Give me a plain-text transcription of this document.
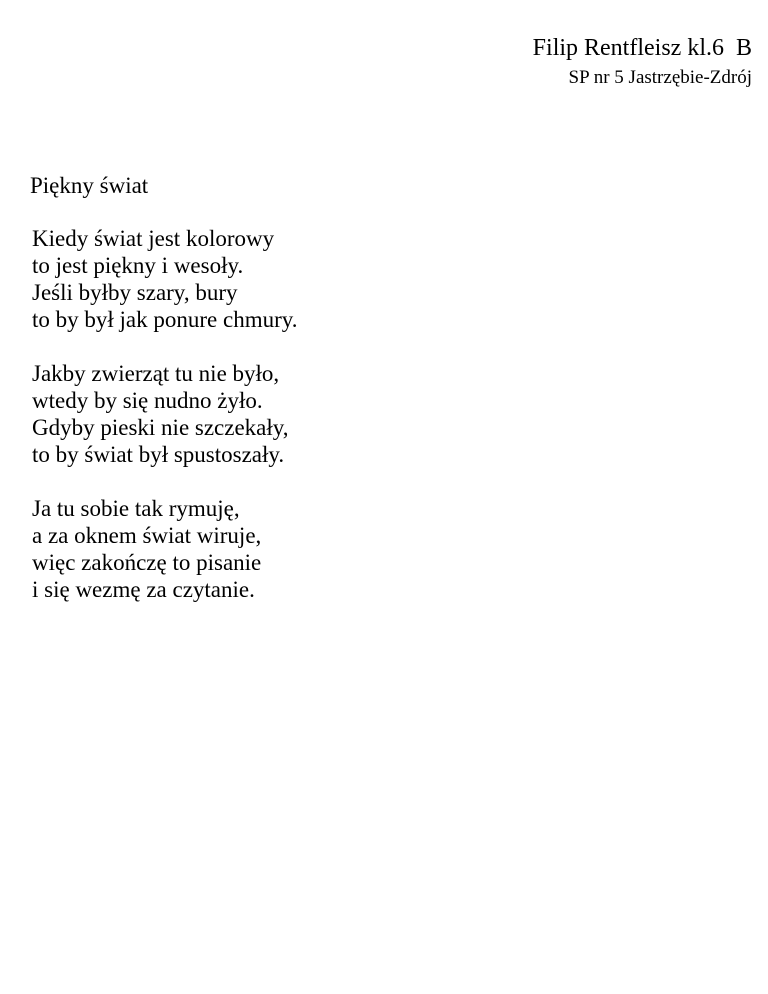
Filip Rentfleisz kl.6  B
SP nr 5 Jastrzębie-Zdrój
Piękny świat
Kiedy świat jest kolorowy
to jest piękny i wesoły.
Jeśli byłby szary, bury
to by był jak ponure chmury.
Jakby zwierząt tu nie było,
wtedy by się nudno żyło.
Gdyby pieski nie szczekały,
to by świat był spustoszały.
Ja tu sobie tak rymuję,
a za oknem świat wiruje,
więc zakończę to pisanie
i się wezmę za czytanie.
